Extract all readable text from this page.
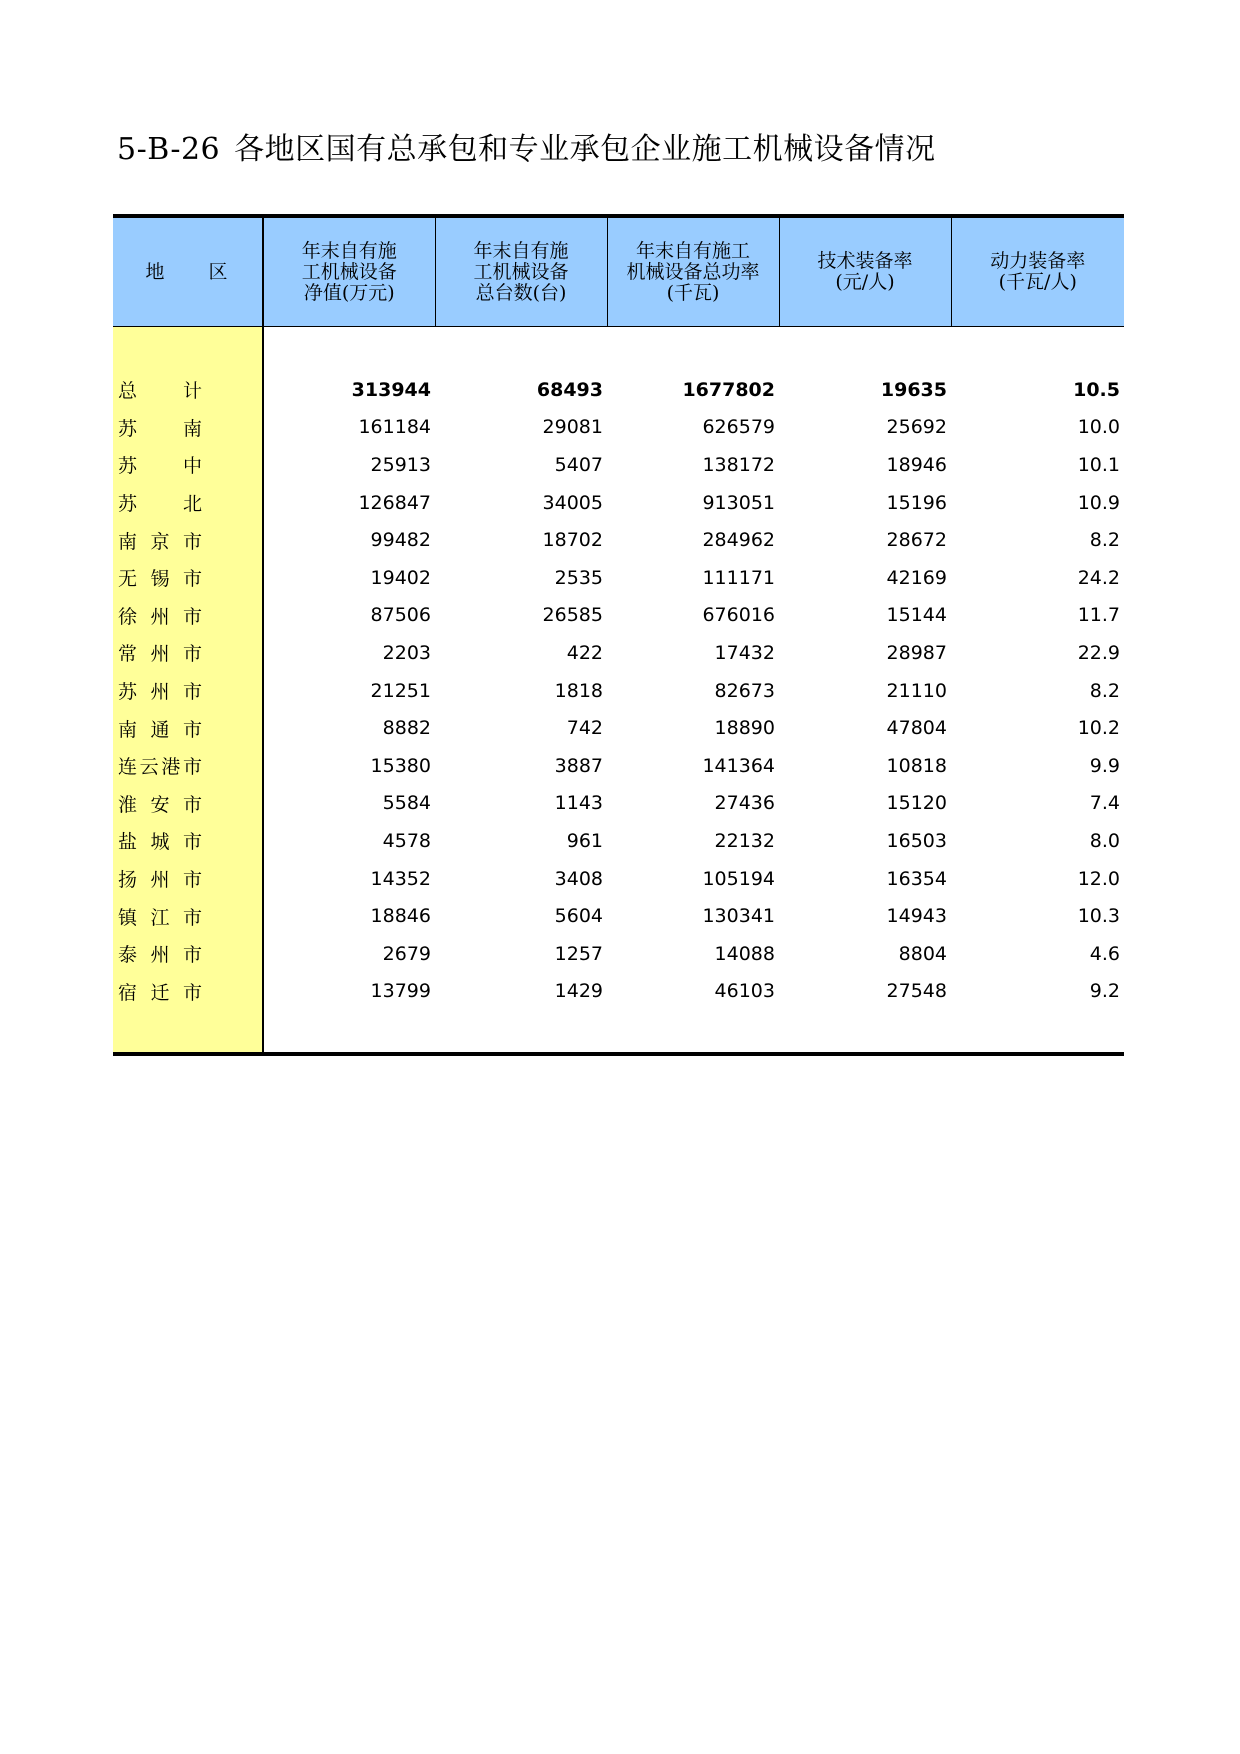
5-B-26 各地区国有总承包和专业承包企业施工机械设备情况
地　　区	年末自有施
工机械设备
净值(万元)	年末自有施
工机械设备
总台数(台)	年末自有施工
机械设备总功率
(千瓦)	技术装备率
(元/人)	动力装备率
(千瓦/人)

总 计	313944	68493	1677802	19635	10.5

苏 南	161184	29081	626579	25692	10.0

苏 中	25913	5407	138172	18946	10.1

苏 北	126847	34005	913051	15196	10.9

南 京 市	99482	18702	284962	28672	8.2

无 锡 市	19402	2535	111171	42169	24.2

徐 州 市	87506	26585	676016	15144	11.7

常 州 市	2203	422	17432	28987	22.9

苏 州 市	21251	1818	82673	21110	8.2

南 通 市	8882	742	18890	47804	10.2

连 云 港 市	15380	3887	141364	10818	9.9

淮 安 市	5584	1143	27436	15120	7.4

盐 城 市	4578	961	22132	16503	8.0

扬 州 市	14352	3408	105194	16354	12.0

镇 江 市	18846	5604	130341	14943	10.3

泰 州 市	2679	1257	14088	8804	4.6

宿 迁 市	13799	1429	46103	27548	9.2
